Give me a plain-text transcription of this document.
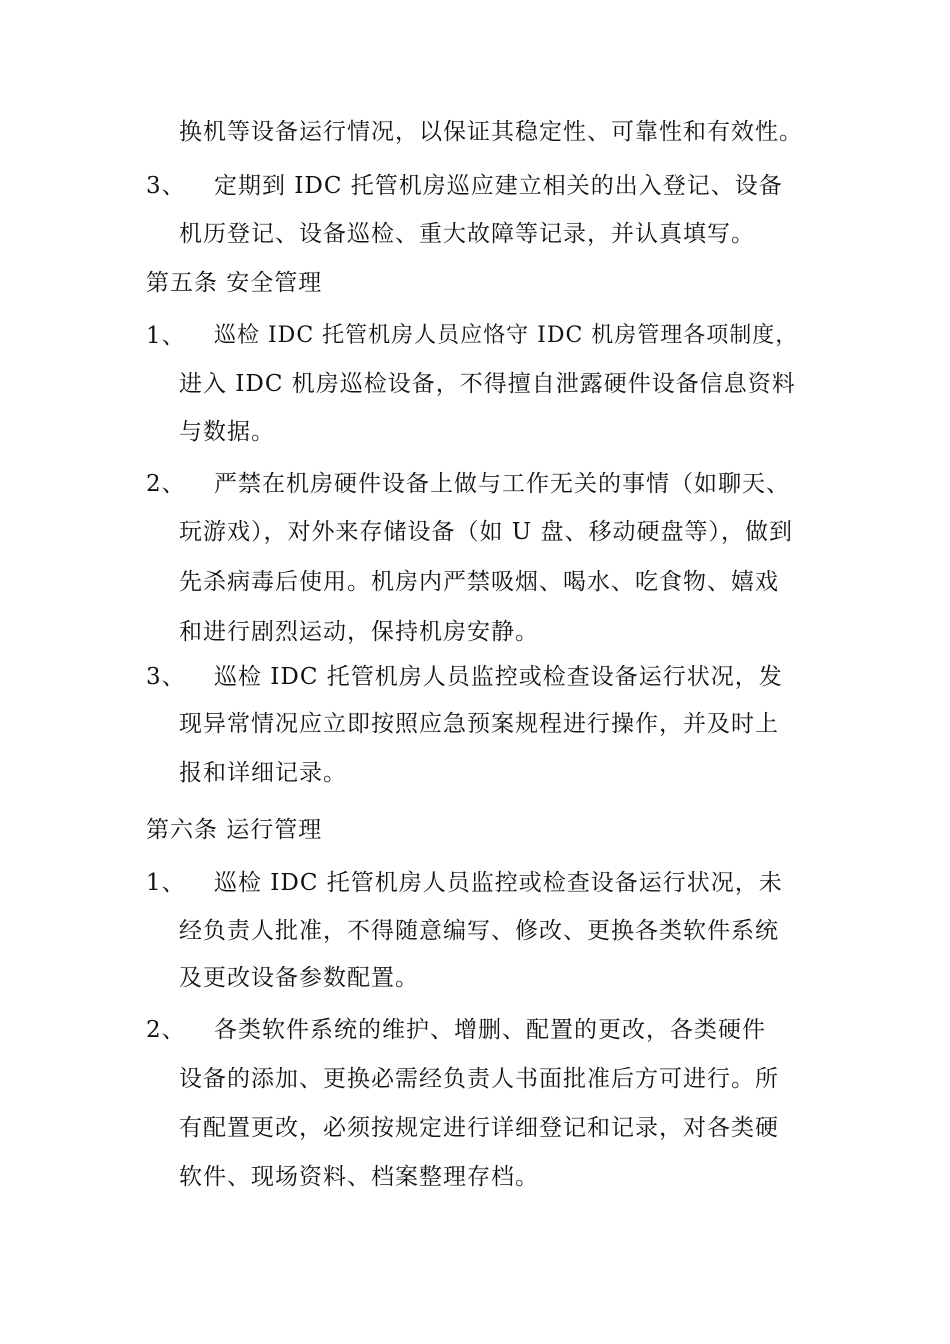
换机等设备运行情况，以保证其稳定性、可靠性和有效性。
3、	定期到 IDC 托管机房巡应建立相关的出入登记、设备
机历登记、设备巡检、重大故障等记录，并认真填写。
第五条 安全管理
1、	巡检 IDC 托管机房人员应恪守 IDC 机房管理各项制度，
进入 IDC 机房巡检设备，不得擅自泄露硬件设备信息资料
与数据。
2、	严禁在机房硬件设备上做与工作无关的事情（如聊天、
玩游戏），对外来存储设备（如 U 盘、移动硬盘等），做到
先杀病毒后使用。机房内严禁吸烟、喝水、吃食物、嬉戏
和进行剧烈运动，保持机房安静。
3、	巡检 IDC 托管机房人员监控或检查设备运行状况，发
现异常情况应立即按照应急预案规程进行操作，并及时上
报和详细记录。
第六条 运行管理
1、	巡检 IDC 托管机房人员监控或检查设备运行状况，未
经负责人批准，不得随意编写、修改、更换各类软件系统
及更改设备参数配置。
2、	各类软件系统的维护、增删、配置的更改，各类硬件
设备的添加、更换必需经负责人书面批准后方可进行。所
有配置更改，必须按规定进行详细登记和记录，对各类硬
软件、现场资料、档案整理存档。
